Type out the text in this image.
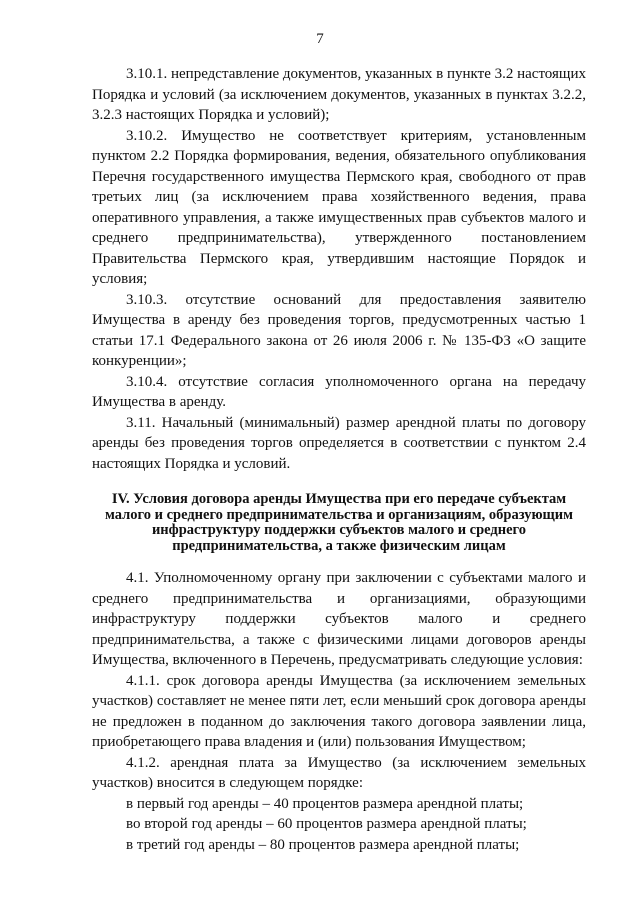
7

3.10.1. непредставление документов, указанных в пункте 3.2 настоящих Порядка и условий (за исключением документов, указанных в пунктах 3.2.2, 3.2.3 настоящих Порядка и условий);

3.10.2. Имущество не соответствует критериям, установленным пунктом 2.2 Порядка формирования, ведения, обязательного опубликования Перечня государственного имущества Пермского края, свободного от прав третьих лиц (за исключением права хозяйственного ведения, права оперативного управления, а также имущественных прав субъектов малого и среднего предпринимательства), утвержденного постановлением Правительства Пермского края, утвердившим настоящие Порядок и условия;

3.10.3. отсутствие оснований для предоставления заявителю Имущества в аренду без проведения торгов, предусмотренных частью 1 статьи 17.1 Федерального закона от 26 июля 2006 г. № 135-ФЗ «О защите конкуренции»;

3.10.4. отсутствие согласия уполномоченного органа на передачу Имущества в аренду.

3.11. Начальный (минимальный) размер арендной платы по договору аренды без проведения торгов определяется в соответствии с пунктом 2.4 настоящих Порядка и условий.

IV. Условия договора аренды Имущества при его передаче субъектам малого и среднего предпринимательства и организациям, образующим инфраструктуру поддержки субъектов малого и среднего предпринимательства, а также физическим лицам

4.1. Уполномоченному органу при заключении с субъектами малого и среднего предпринимательства и организациями, образующими инфраструктуру поддержки субъектов малого и среднего предпринимательства, а также с физическими лицами договоров аренды Имущества, включенного в Перечень, предусматривать следующие условия:

4.1.1. срок договора аренды Имущества (за исключением земельных участков) составляет не менее пяти лет, если меньший срок договора аренды не предложен в поданном до заключения такого договора заявлении лица, приобретающего права владения и (или) пользования Имуществом;

4.1.2. арендная плата за Имущество (за исключением земельных участков) вносится в следующем порядке:

в первый год аренды – 40 процентов размера арендной платы;

во второй год аренды – 60 процентов размера арендной платы;

в третий год аренды – 80 процентов размера арендной платы;
